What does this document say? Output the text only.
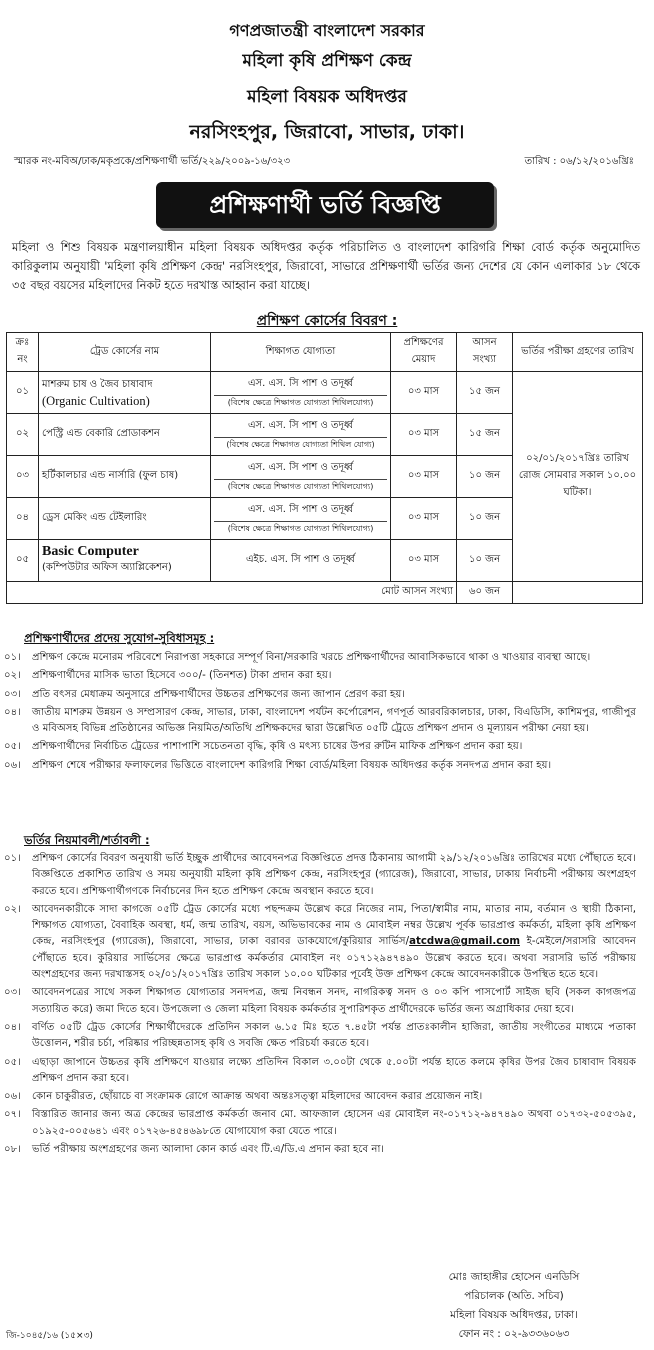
গণপ্রজাতন্ত্রী বাংলাদেশ সরকার
মহিলা কৃষি প্রশিক্ষণ কেন্দ্র
মহিলা বিষয়ক অধিদপ্তর
নরসিংহপুর, জিরাবো, সাভার, ঢাকা।
স্মারক নং-মবিঅ/ঢাক/মকৃপ্রকে/প্রশিক্ষণার্থী ভর্তি/২২৯/২০০৯-১৬/৩২৩	তারিখ : ০৬/১২/২০১৬খ্রিঃ
প্রশিক্ষণার্থী ভর্তি বিজ্ঞপ্তি
মহিলা ও শিশু বিষয়ক মন্ত্রণালয়াধীন মহিলা বিষয়ক অধিদপ্তর কর্তৃক পরিচালিত ও বাংলাদেশ কারিগরি শিক্ষা বোর্ড কর্তৃক অনুমোদিত কারিকুলাম অনুযায়ী 'মহিলা কৃষি প্রশিক্ষণ কেন্দ্র' নরসিংহপুর, জিরাবো, সাভারে প্রশিক্ষণার্থী ভর্তির জন্য দেশের যে কোন এলাকার ১৮ থেকে ৩৫ বছর বয়সের মহিলাদের নিকট হতে দরখাস্ত আহ্বান করা যাচ্ছে।
প্রশিক্ষণ কোর্সের বিবরণ :
ক্রঃ নং	ট্রেড কোর্সের নাম	শিক্ষাগত যোগ্যতা	প্রশিক্ষণের মেয়াদ	আসন সংখ্যা	ভর্তির পরীক্ষা গ্রহণের তারিখ
০১	মাশরুম চাষ ও জৈব চাষাবাদ
(Organic Cultivation)	এস. এস. সি পাশ ও তদূর্ধ্ব
(বিশেষ ক্ষেত্রে শিক্ষাগত যোগ্যতা শিথিলযোগ্য)	০৩ মাস	১৫ জন	০২/০১/২০১৭খ্রিঃ তারিখ রোজ সোমবার সকাল ১০.০০ ঘটিকা।
০২	পেস্ট্রি এন্ড বেকারি প্রোডাকশন	এস. এস. সি পাশ ও তদূর্ধ্ব
(বিশেষ ক্ষেত্রে শিক্ষাগত যোগ্যতা শিথিল যোগ্য)	০৩ মাস	১৫ জন	
০৩	হর্টিকালচার এন্ড নার্সারি (ফুল চাষ)	এস. এস. সি পাশ ও তদূর্ধ্ব
(বিশেষ ক্ষেত্রে শিক্ষাগত যোগ্যতা শিথিলযোগ্য)	০৩ মাস	১০ জন	
০৪	ড্রেস মেকিং এন্ড টেইলারিং	এস. এস. সি পাশ ও তদূর্ধ্ব
(বিশেষ ক্ষেত্রে শিক্ষাগত যোগ্যতা শিথিলযোগ্য)	০৩ মাস	১০ জন	
০৫	Basic Computer
(কম্পিউটার অফিস অ্যাপ্লিকেশন)	এইচ. এস. সি পাশ ও তদূর্ধ্ব	০৩ মাস	১০ জন	
মোট আসন সংখ্যা				৬০ জন	
প্রশিক্ষণার্থীদের প্রদেয় সুযোগ-সুবিধাসমূহ :
০১।	প্রশিক্ষণ কেন্দ্রে মনোরম পরিবেশে নিরাপত্তা সহকারে সম্পূর্ণ বিনা/সরকারি খরচে প্রশিক্ষণার্থীদের আবাসিকভাবে থাকা ও খাওয়ার ব্যবস্থা আছে।
০২।	প্রশিক্ষণার্থীদের মাসিক ভাতা হিসেবে ৩০০/- (তিনশত) টাকা প্রদান করা হয়।
০৩।	প্রতি বৎসর মেধাক্রম অনুসারে প্রশিক্ষণার্থীদের উচ্চতর প্রশিক্ষণের জন্য জাপান প্রেরণ করা হয়।
০৪।	জাতীয় মাশরুম উন্নয়ন ও সম্প্রসারণ কেন্দ্র, সাভার, ঢাকা, বাংলাদেশ পর্যটন কর্পোরেশন, গণপূর্ত আরবরিকালচার, ঢাকা, বিএডিসি, কাশিমপুর, গাজীপুর ও মবিঅসহ বিভিন্ন প্রতিষ্ঠানের অভিজ্ঞ নিয়মিত/অতিথি প্রশিক্ষকদের দ্বারা উল্লেখিত ০৫টি ট্রেডে প্রশিক্ষণ প্রদান ও মূল্যায়ন পরীক্ষা নেয়া হয়।
০৫।	প্রশিক্ষণার্থীদের নির্বাচিত ট্রেডের পাশাপাশি সচেতনতা বৃদ্ধি, কৃষি ও মৎস্য চাষের উপর রুটিন মাফিক প্রশিক্ষণ প্রদান করা হয়।
০৬।	প্রশিক্ষণ শেষে পরীক্ষার ফলাফলের ভিত্তিতে বাংলাদেশ কারিগরি শিক্ষা বোর্ড/মহিলা বিষয়ক অধিদপ্তর কর্তৃক সনদপত্র প্রদান করা হয়।
ভর্তির নিয়মাবলী/শর্তাবলী :
০১।	প্রশিক্ষণ কোর্সের বিবরণ অনুযায়ী ভর্তি ইচ্ছুক প্রার্থীদের আবেদনপত্র বিজ্ঞপ্তিতে প্রদত্ত ঠিকানায় আগামী ২৯/১২/২০১৬খ্রিঃ তারিখের মধ্যে পৌঁছাতে হবে। বিজ্ঞপ্তিতে প্রকাশিত তারিখ ও সময় অনুযায়ী মহিলা কৃষি প্রশিক্ষণ কেন্দ্র, নরসিংহপুর (গ্যারেজ), জিরাবো, সাভার, ঢাকায় নির্বাচনী পরীক্ষায় অংশগ্রহণ করতে হবে। প্রশিক্ষণার্থীগণকে নির্বাচনের দিন হতে প্রশিক্ষণ কেন্দ্রে অবস্থান করতে হবে।
০২।	আবেদনকারীকে সাদা কাগজে ০৫টি ট্রেড কোর্সের মধ্যে পছন্দক্রম উল্লেখ করে নিজের নাম, পিতা/স্বামীর নাম, মাতার নাম, বর্তমান ও স্থায়ী ঠিকানা, শিক্ষাগত যোগ্যতা, বৈবাহিক অবস্থা, ধর্ম, জন্ম তারিখ, বয়স, অভিভাবকের নাম ও মোবাইল নম্বর উল্লেখ পূর্বক ভারপ্রাপ্ত কর্মকর্তা, মহিলা কৃষি প্রশিক্ষণ কেন্দ্র, নরসিংহপুর (গ্যারেজ), জিরাবো, সাভার, ঢাকা বরাবর ডাকযোগে/কুরিয়ার সার্ভিস/atcdwa@gmail.com ই-মেইলে/সরাসরি আবেদন পৌঁছাতে হবে। কুরিয়ার সার্ভিসের ক্ষেত্রে ভারপ্রাপ্ত কর্মকর্তার মোবাইল নং ০১৭১২৯৪৭৪৯০ উল্লেখ করতে হবে। অথবা সরাসরি ভর্তি পরীক্ষায় অংশগ্রহণের জন্য দরখাস্তসহ ০২/০১/২০১৭খ্রিঃ তারিখ সকাল ১০.০০ ঘটিকার পূর্বেই উক্ত প্রশিক্ষণ কেন্দ্রে আবেদনকারীকে উপস্থিত হতে হবে।
০৩।	আবেদনপত্রের সাথে সকল শিক্ষাগত যোগ্যতার সনদপত্র, জন্ম নিবন্ধন সনদ, নাগরিকত্ব সনদ ও ০৩ কপি পাসপোর্ট সাইজ ছবি (সকল কাগজপত্র সত্যায়িত করে) জমা দিতে হবে। উপজেলা ও জেলা মহিলা বিষয়ক কর্মকর্তার সুপারিশকৃত প্রার্থীদেরকে ভর্তির জন্য অগ্রাধিকার দেয়া হবে।
০৪।	বর্ণিত ০৫টি ট্রেড কোর্সের শিক্ষার্থীদেরকে প্রতিদিন সকাল ৬.১৫ মিঃ হতে ৭.৪৫টা পর্যন্ত প্রাতঃকালীন হাজিরা, জাতীয় সংগীতের মাধ্যমে পতাকা উত্তোলন, শরীর চর্চা, পরিষ্কার পরিচ্ছন্নতাসহ কৃষি ও সবজি ক্ষেত পরিচর্যা করতে হবে।
০৫।	এছাড়া জাপানে উচ্চতর কৃষি প্রশিক্ষণে যাওয়ার লক্ষ্যে প্রতিদিন বিকাল ৩.০০টা থেকে ৫.০০টা পর্যন্ত হাতে কলমে কৃষির উপর জৈব চাষাবাদ বিষয়ক প্রশিক্ষণ প্রদান করা হবে।
০৬।	কোন চাকুরীরত, ছোঁয়াচে বা সংক্রামক রোগে আক্রান্ত অথবা অন্তঃসত্ত্বা মহিলাদের আবেদন করার প্রয়োজন নাই।
০৭।	বিস্তারিত জানার জন্য অত্র কেন্দ্রের ভারপ্রাপ্ত কর্মকর্তা জনাব মো. আফজাল হোসেন এর মোবাইল নং-০১৭১২-৯৪৭৪৯০ অথবা ০১৭৩২-৫০৫৩৯৫, ০১৯২৫-০০৫৬৪১ এবং ০১৭২৬-৪৫৪৬৯৮তে যোগাযোগ করা যেতে পারে।
০৮।	ভর্তি পরীক্ষায় অংশগ্রহণের জন্য আলাদা কোন কার্ড এবং টি.এ/ডি.এ প্রদান করা হবে না।
মোঃ জাহাঙ্গীর হোসেন এনডিসি
পরিচালক (অতি. সচিব)
মহিলা বিষয়ক অধিদপ্তর, ঢাকা।
ফোন নং : ০২-৯৩৩৬০৬৩
জি-১০৪৫/১৬ (১৫×৩)
